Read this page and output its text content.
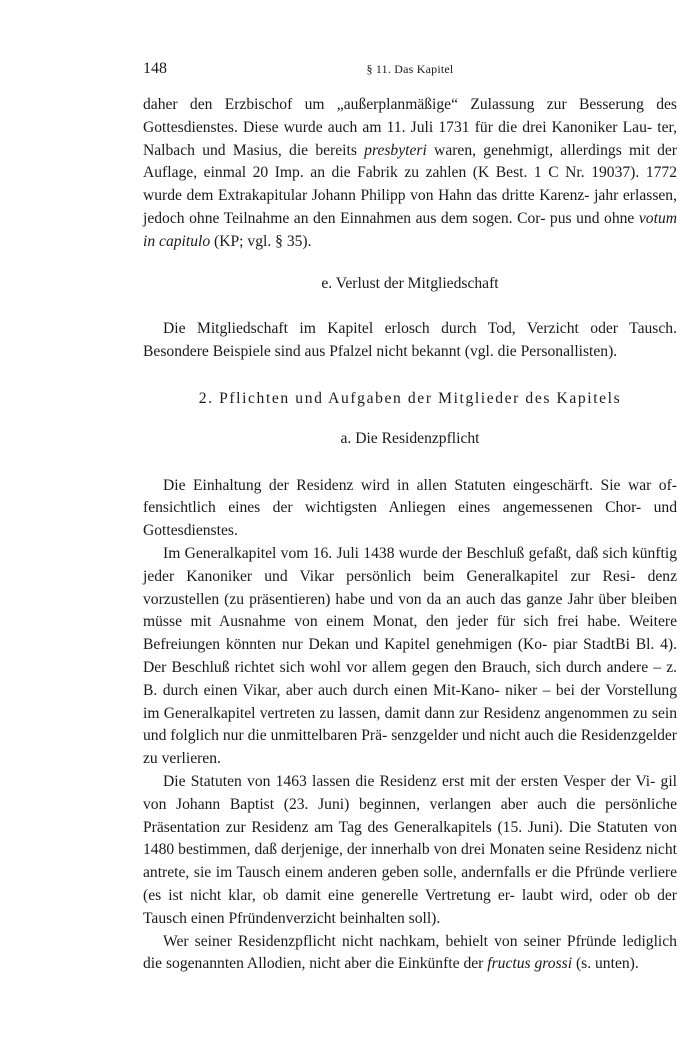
148	§ 11. Das Kapitel

daher den Erzbischof um „außerplanmäßige“ Zulassung zur Besserung des Gottesdienstes. Diese wurde auch am 11. Juli 1731 für die drei Kanoniker Lau- ter, Nalbach und Masius, die bereits presbyteri waren, genehmigt, allerdings mit der Auflage, einmal 20 Imp. an die Fabrik zu zahlen (K Best. 1 C Nr. 19037). 1772 wurde dem Extrakapitular Johann Philipp von Hahn das dritte Karenz- jahr erlassen, jedoch ohne Teilnahme an den Einnahmen aus dem sogen. Cor- pus und ohne votum in capitulo (KP; vgl. § 35).

e. Verlust der Mitgliedschaft

Die Mitgliedschaft im Kapitel erlosch durch Tod, Verzicht oder Tausch. Besondere Beispiele sind aus Pfalzel nicht bekannt (vgl. die Personallisten).

2. Pflichten und Aufgaben der Mitglieder des Kapitels
a. Die Residenzpflicht

Die Einhaltung der Residenz wird in allen Statuten eingeschärft. Sie war of- fensichtlich eines der wichtigsten Anliegen eines angemessenen Chor- und Gottesdienstes.

Im Generalkapitel vom 16. Juli 1438 wurde der Beschluß gefaßt, daß sich künftig jeder Kanoniker und Vikar persönlich beim Generalkapitel zur Resi- denz vorzustellen (zu präsentieren) habe und von da an auch das ganze Jahr über bleiben müsse mit Ausnahme von einem Monat, den jeder für sich frei habe. Weitere Befreiungen könnten nur Dekan und Kapitel genehmigen (Ko- piar StadtBi Bl. 4). Der Beschluß richtet sich wohl vor allem gegen den Brauch, sich durch andere – z. B. durch einen Vikar, aber auch durch einen Mit-Kano- niker – bei der Vorstellung im Generalkapitel vertreten zu lassen, damit dann zur Residenz angenommen zu sein und folglich nur die unmittelbaren Prä- senzgelder und nicht auch die Residenzgelder zu verlieren.

Die Statuten von 1463 lassen die Residenz erst mit der ersten Vesper der Vi- gil von Johann Baptist (23. Juni) beginnen, verlangen aber auch die persönliche Präsentation zur Residenz am Tag des Generalkapitels (15. Juni). Die Statuten von 1480 bestimmen, daß derjenige, der innerhalb von drei Monaten seine Residenz nicht antrete, sie im Tausch einem anderen geben solle, andernfalls er die Pfründe verliere (es ist nicht klar, ob damit eine generelle Vertretung er- laubt wird, oder ob der Tausch einen Pfründenverzicht beinhalten soll).

Wer seiner Residenzpflicht nicht nachkam, behielt von seiner Pfründe lediglich die sogenannten Allodien, nicht aber die Einkünfte der fructus grossi (s. unten).
